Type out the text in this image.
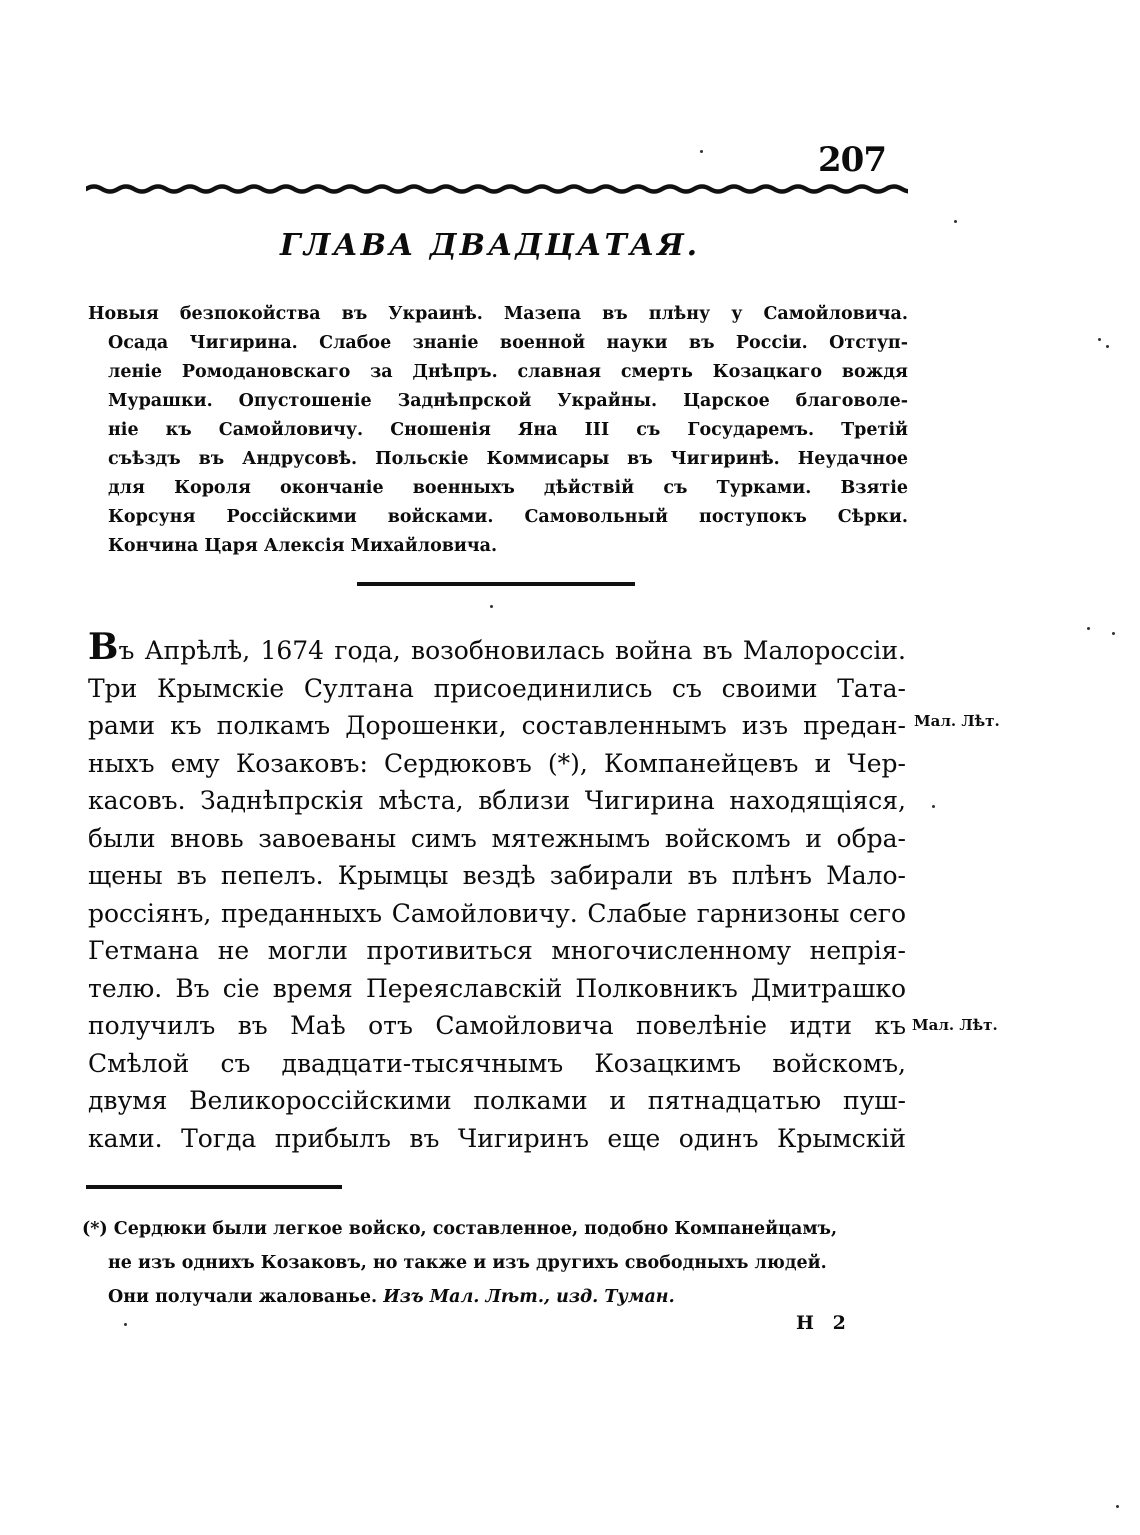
207
ГЛАВА ДВАДЦАТАЯ.
Новыя безпокойства въ Украинѣ. Мазепа въ плѣну у Самойловича.
Осада Чигирина. Слабое знаніе военной науки въ Россіи. Отступ-
леніе Ромодановскаго за Днѣпръ. славная смерть Козацкаго вождя
Мурашки. Опустошеніе Заднѣпрской Украйны. Царское благоволе-
ніе къ Самойловичу. Сношенія Яна III съ Государемъ. Третій
съѣздъ въ Андрусовѣ. Польскіе Коммисары въ Чигиринѣ. Неудачное
для Короля окончаніе военныхъ дѣйствій съ Турками. Взятіе
Корсуня Россійскими войсками. Самовольный поступокъ Сѣрки.
Кончина Царя Алексія Михайловича.
Въ Апрѣлѣ, 1674 года, возобновилась война въ Малороссіи.
Три Крымскіе Султана присоединились съ своими Тата-
рами къ полкамъ Дорошенки, составленнымъ изъ предан-
ныхъ ему Козаковъ: Сердюковъ (*), Компанейцевъ и Чер-
касовъ. Заднѣпрскія мѣста, вблизи Чигирина находящіяся,
были вновь завоеваны симъ мятежнымъ войскомъ и обра-
щены въ пепелъ. Крымцы вездѣ забирали въ плѣнъ Мало-
россіянъ, преданныхъ Самойловичу. Слабые гарнизоны сего
Гетмана не могли противиться многочисленному непрія-
телю. Въ сіе время Переяславскій Полковникъ Дмитрашко
получилъ въ Маѣ отъ Самойловича повелѣніе идти къ
Смѣлой съ двадцати-тысячнымъ Козацкимъ войскомъ,
двумя Великороссійскими полками и пятнадцатью пуш-
ками. Тогда прибылъ въ Чигиринъ еще одинъ Крымскій
Мал. Лѣт.
Мал. Лѣт.
(*) Сердюки были легкое войско, составленное, подобно Компанейцамъ,
не изъ однихъ Козаковъ, но также и изъ другихъ свободныхъ людей.
Они получали жалованье. Изъ Мал. Лѣт., изд. Туман.
Н 2
